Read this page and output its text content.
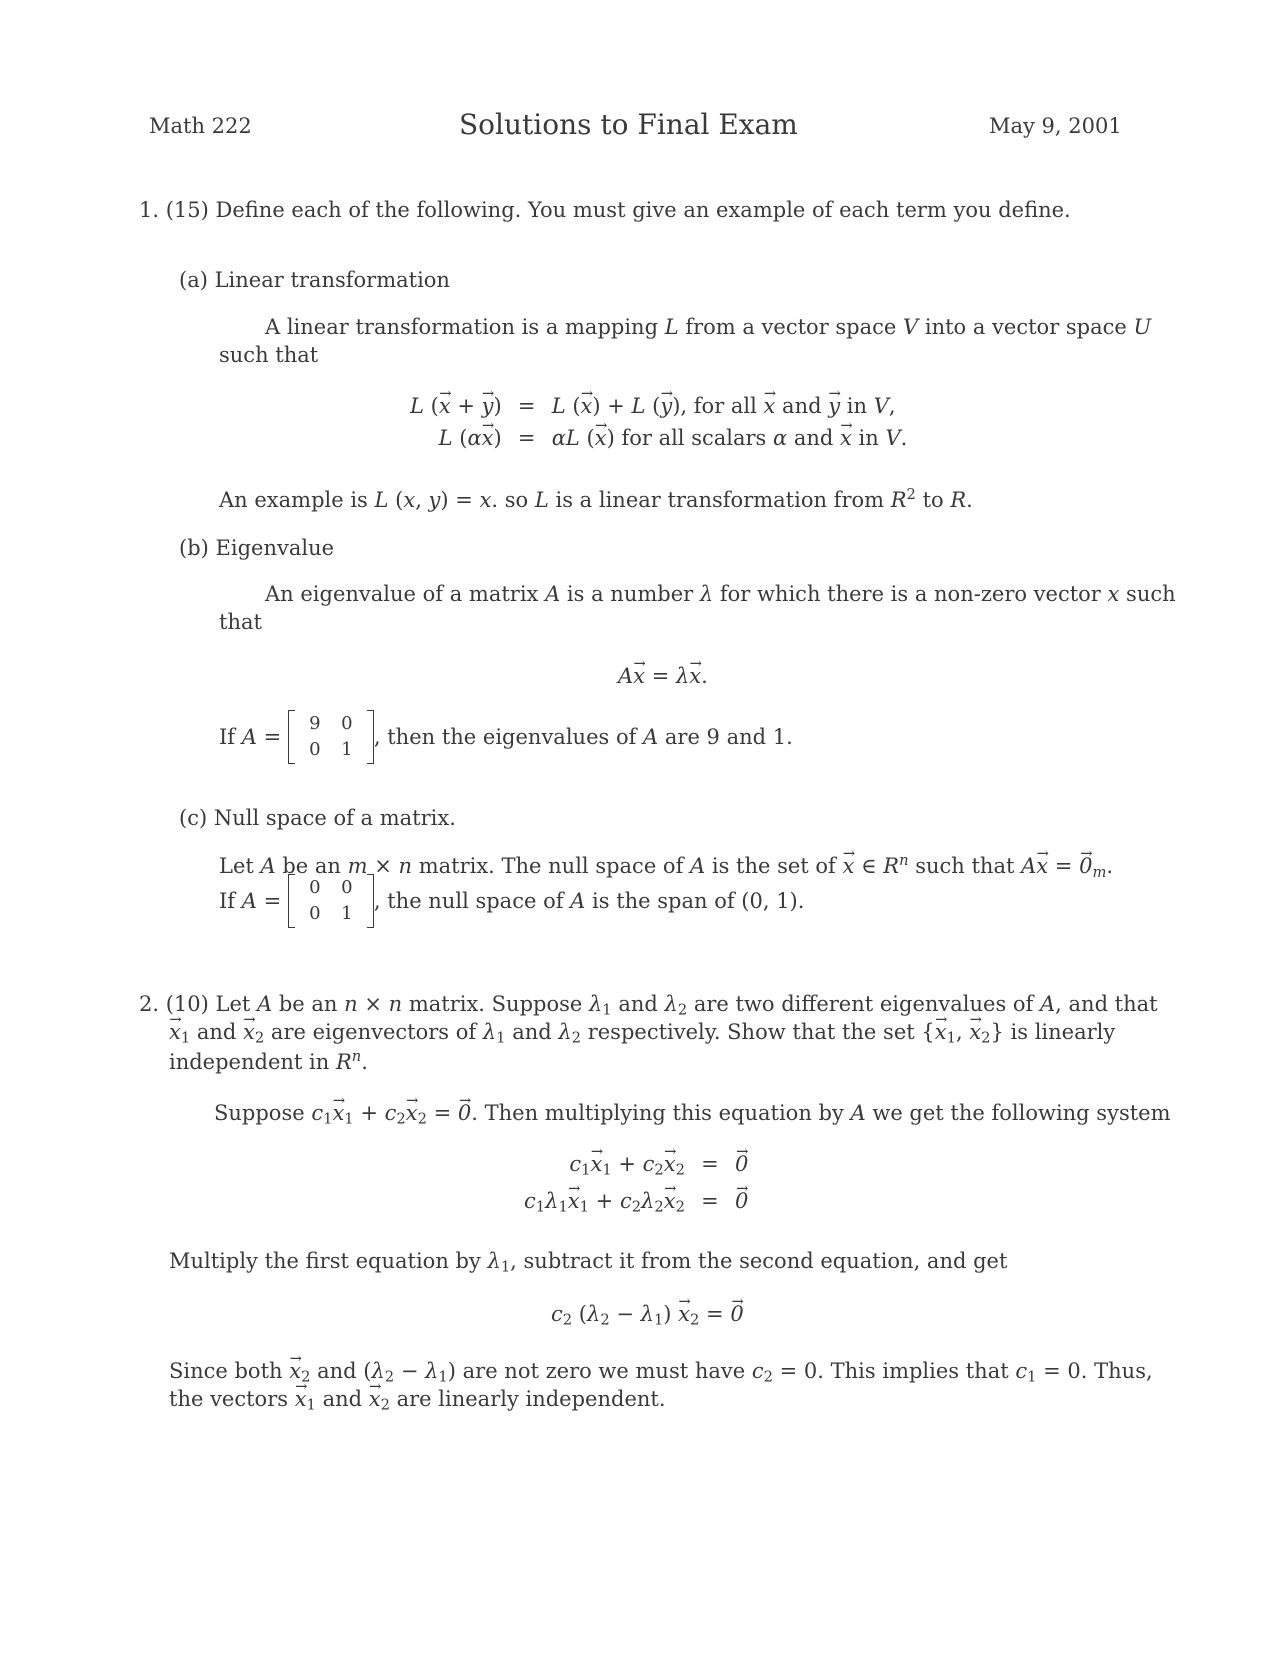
Math 222	Solutions to Final Exam	May 9, 2001
1. (15) Define each of the following. You must give an example of each term you define.
(a) Linear transformation
A linear transformation is a mapping L from a vector space V into a vector space U
such that
L (→ x + → y) = L (→ x) + L (→ y), for all → x and → y in V,
L (α→ x) = αL (→ x) for all scalars α and → x in V.
An example is L (x, y) = x. so L is a linear transformation from $R^2$ to R.
(b) Eigenvalue
An eigenvalue of a matrix A is a number λ for which there is a non-zero vector x such
that
A→ x = λ→ x.
If A = 9 0
0 1, then the eigenvalues of A are 9 and 1.
(c) Null space of a matrix.
Let A be an m × n matrix. The null space of A is the set of → x ∈ $R^n$ such that A→ x = → $0_m$.
If A = 0 0
0 1, the null space of A is the span of (0, 1).
2. (10) Let A be an n × n matrix. Suppose $\lambda_1$ and $\lambda_2$ are two different eigenvalues of A, and that
→ $x_1$ and → $x_2$ are eigenvectors of $\lambda_1$ and $\lambda_2$ respectively. Show that the set {→ $x_1$, → $x_2$} is linearly
independent in $R^n$.
Suppose $c_1\to x_1 + c_2\to x_2$ = → 0. Then multiplying this equation by A we get the following system
$c_1\to x_1 + c_2\to x_2$ = → 0
$c_1\lambda_1\to x_1 + c_2\lambda_2\to x_2$ = → 0
Multiply the first equation by $\lambda_1$, subtract it from the second equation, and get
$c_2$ $(\lambda_2 - \lambda_1) \to x_2$ = → 0
Since both → $x_2$ and $(\lambda_2 - \lambda_1)$ are not zero we must have $c_2 = 0$. This implies that $c_1 = 0$. Thus,
the vectors → $x_1$ and → $x_2$ are linearly independent.
